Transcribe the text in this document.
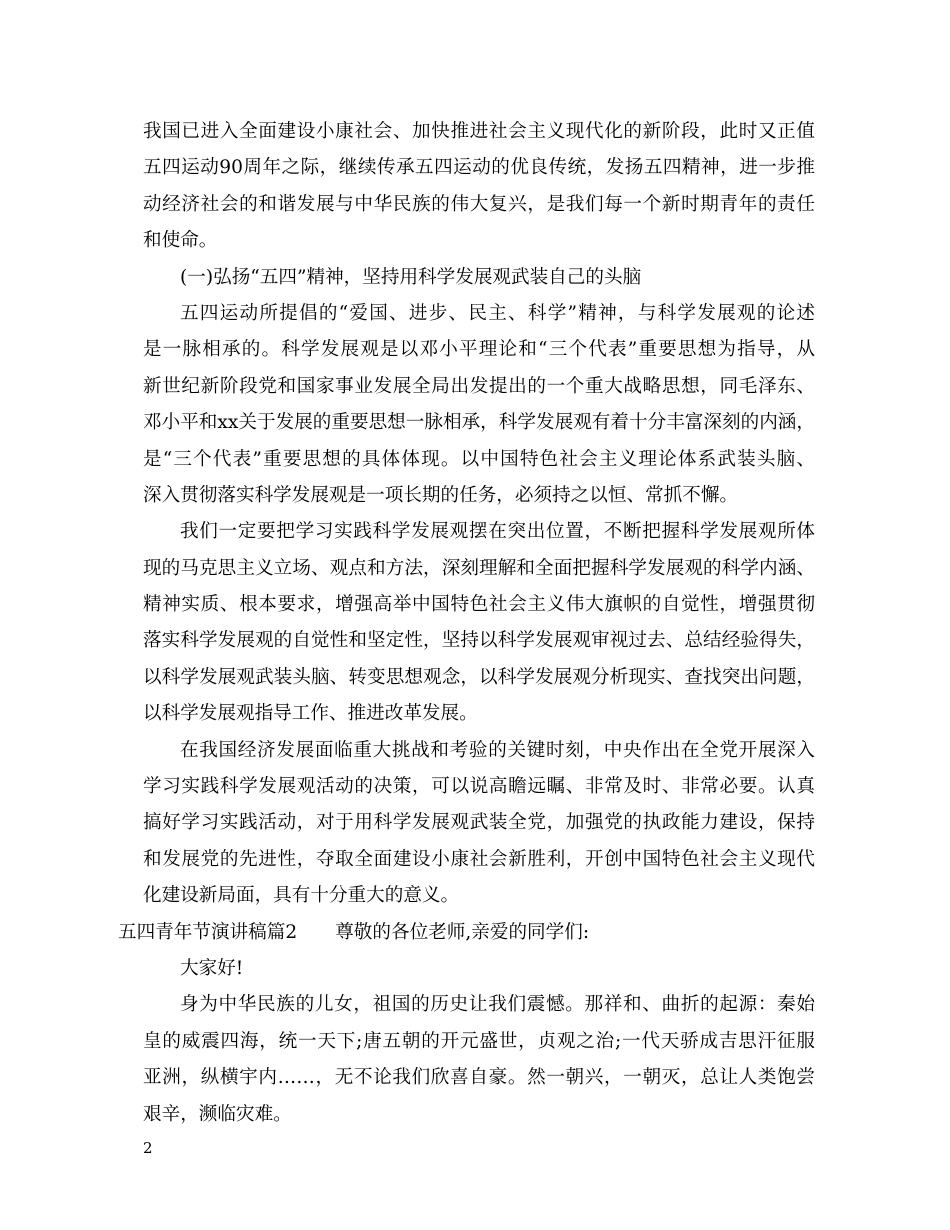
我国已进入全面建设小康社会、加快推进社会主义现代化的新阶段，此时又正值
五四运动90周年之际，继续传承五四运动的优良传统，发扬五四精神，进一步推
动经济社会的和谐发展与中华民族的伟大复兴，是我们每一个新时期青年的责任
和使命。
(一)弘扬“五四”精神，坚持用科学发展观武装自己的头脑
五四运动所提倡的“爱国、进步、民主、科学”精神，与科学发展观的论述
是一脉相承的。科学发展观是以邓小平理论和“三个代表”重要思想为指导，从
新世纪新阶段党和国家事业发展全局出发提出的一个重大战略思想，同毛泽东、
邓小平和xx关于发展的重要思想一脉相承，科学发展观有着十分丰富深刻的内涵，
是“三个代表”重要思想的具体体现。以中国特色社会主义理论体系武装头脑、
深入贯彻落实科学发展观是一项长期的任务，必须持之以恒、常抓不懈。
我们一定要把学习实践科学发展观摆在突出位置，不断把握科学发展观所体
现的马克思主义立场、观点和方法，深刻理解和全面把握科学发展观的科学内涵、
精神实质、根本要求，增强高举中国特色社会主义伟大旗帜的自觉性，增强贯彻
落实科学发展观的自觉性和坚定性，坚持以科学发展观审视过去、总结经验得失，
以科学发展观武装头脑、转变思想观念，以科学发展观分析现实、查找突出问题，
以科学发展观指导工作、推进改革发展。
在我国经济发展面临重大挑战和考验的关键时刻，中央作出在全党开展深入
学习实践科学发展观活动的决策，可以说高瞻远瞩、非常及时、非常必要。认真
搞好学习实践活动，对于用科学发展观武装全党，加强党的执政能力建设，保持
和发展党的先进性，夺取全面建设小康社会新胜利，开创中国特色社会主义现代
化建设新局面，具有十分重大的意义。
五四青年节演讲稿篇2 尊敬的各位老师,亲爱的同学们:
大家好!
身为中华民族的儿女，祖国的历史让我们震憾。那祥和、曲折的起源：秦始
皇的威震四海，统一天下;唐五朝的开元盛世，贞观之治;一代天骄成吉思汗征服
亚洲，纵横宇内……，无不论我们欣喜自豪。然一朝兴，一朝灭，总让人类饱尝
艰辛，濒临灾难。
2
